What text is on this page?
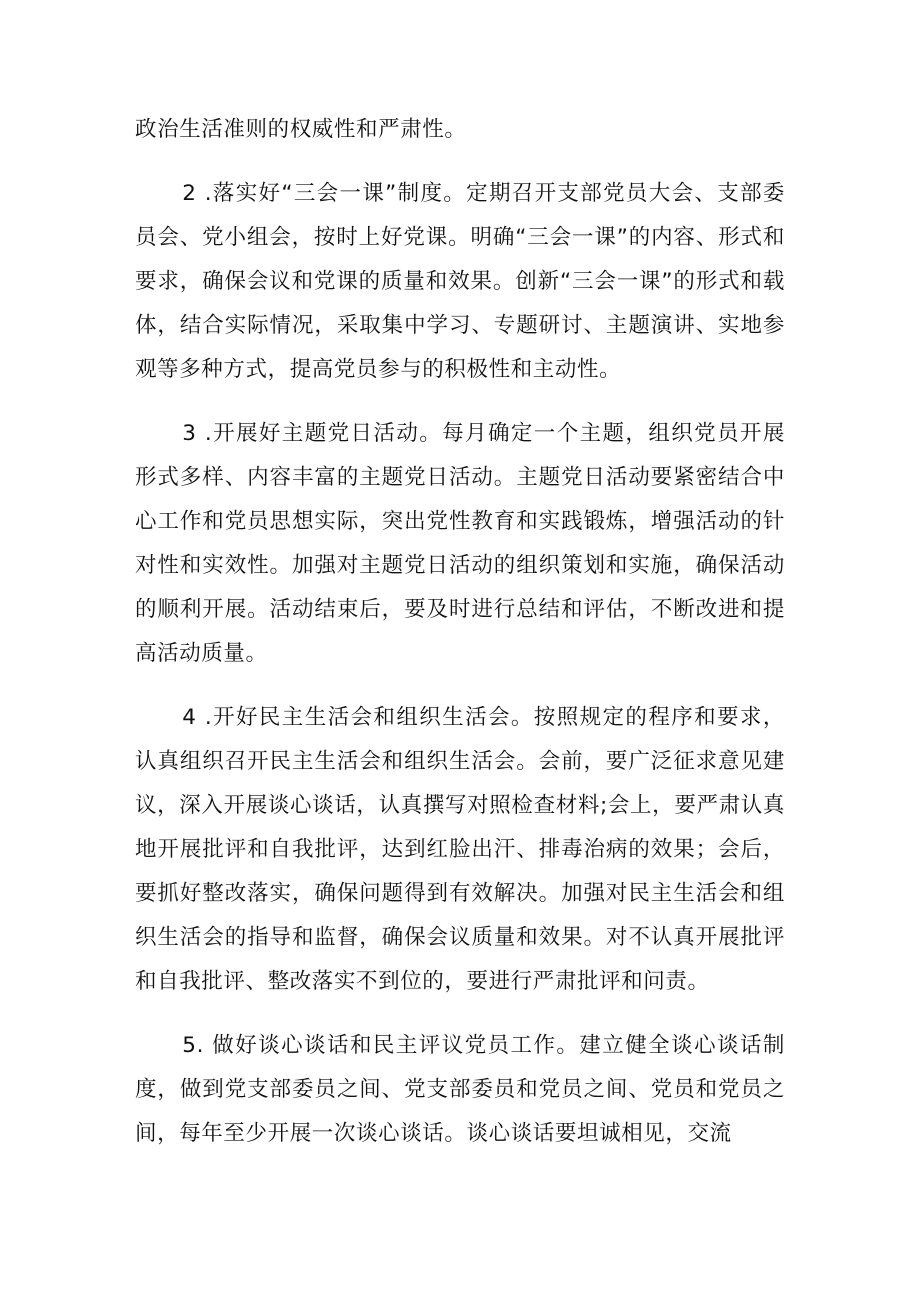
政治生活准则的权威性和严肃性。

2 .落实好“三会一课”制度。定期召开支部党员大会、支部委员会、党小组会，按时上好党课。明确“三会一课”的内容、形式和要求，确保会议和党课的质量和效果。创新“三会一课”的形式和载体，结合实际情况，采取集中学习、专题研讨、主题演讲、实地参观等多种方式，提高党员参与的积极性和主动性。

3 .开展好主题党日活动。每月确定一个主题，组织党员开展形式多样、内容丰富的主题党日活动。主题党日活动要紧密结合中心工作和党员思想实际，突出党性教育和实践锻炼，增强活动的针对性和实效性。加强对主题党日活动的组织策划和实施，确保活动的顺利开展。活动结束后，要及时进行总结和评估，不断改进和提高活动质量。

4 .开好民主生活会和组织生活会。按照规定的程序和要求，认真组织召开民主生活会和组织生活会。会前，要广泛征求意见建议，深入开展谈心谈话，认真撰写对照检查材料;会上，要严肃认真地开展批评和自我批评，达到红脸出汗、排毒治病的效果；会后，要抓好整改落实，确保问题得到有效解决。加强对民主生活会和组织生活会的指导和监督，确保会议质量和效果。对不认真开展批评和自我批评、整改落实不到位的，要进行严肃批评和问责。

5. 做好谈心谈话和民主评议党员工作。建立健全谈心谈话制度，做到党支部委员之间、党支部委员和党员之间、党员和党员之间，每年至少开展一次谈心谈话。谈心谈话要坦诚相见，交流
